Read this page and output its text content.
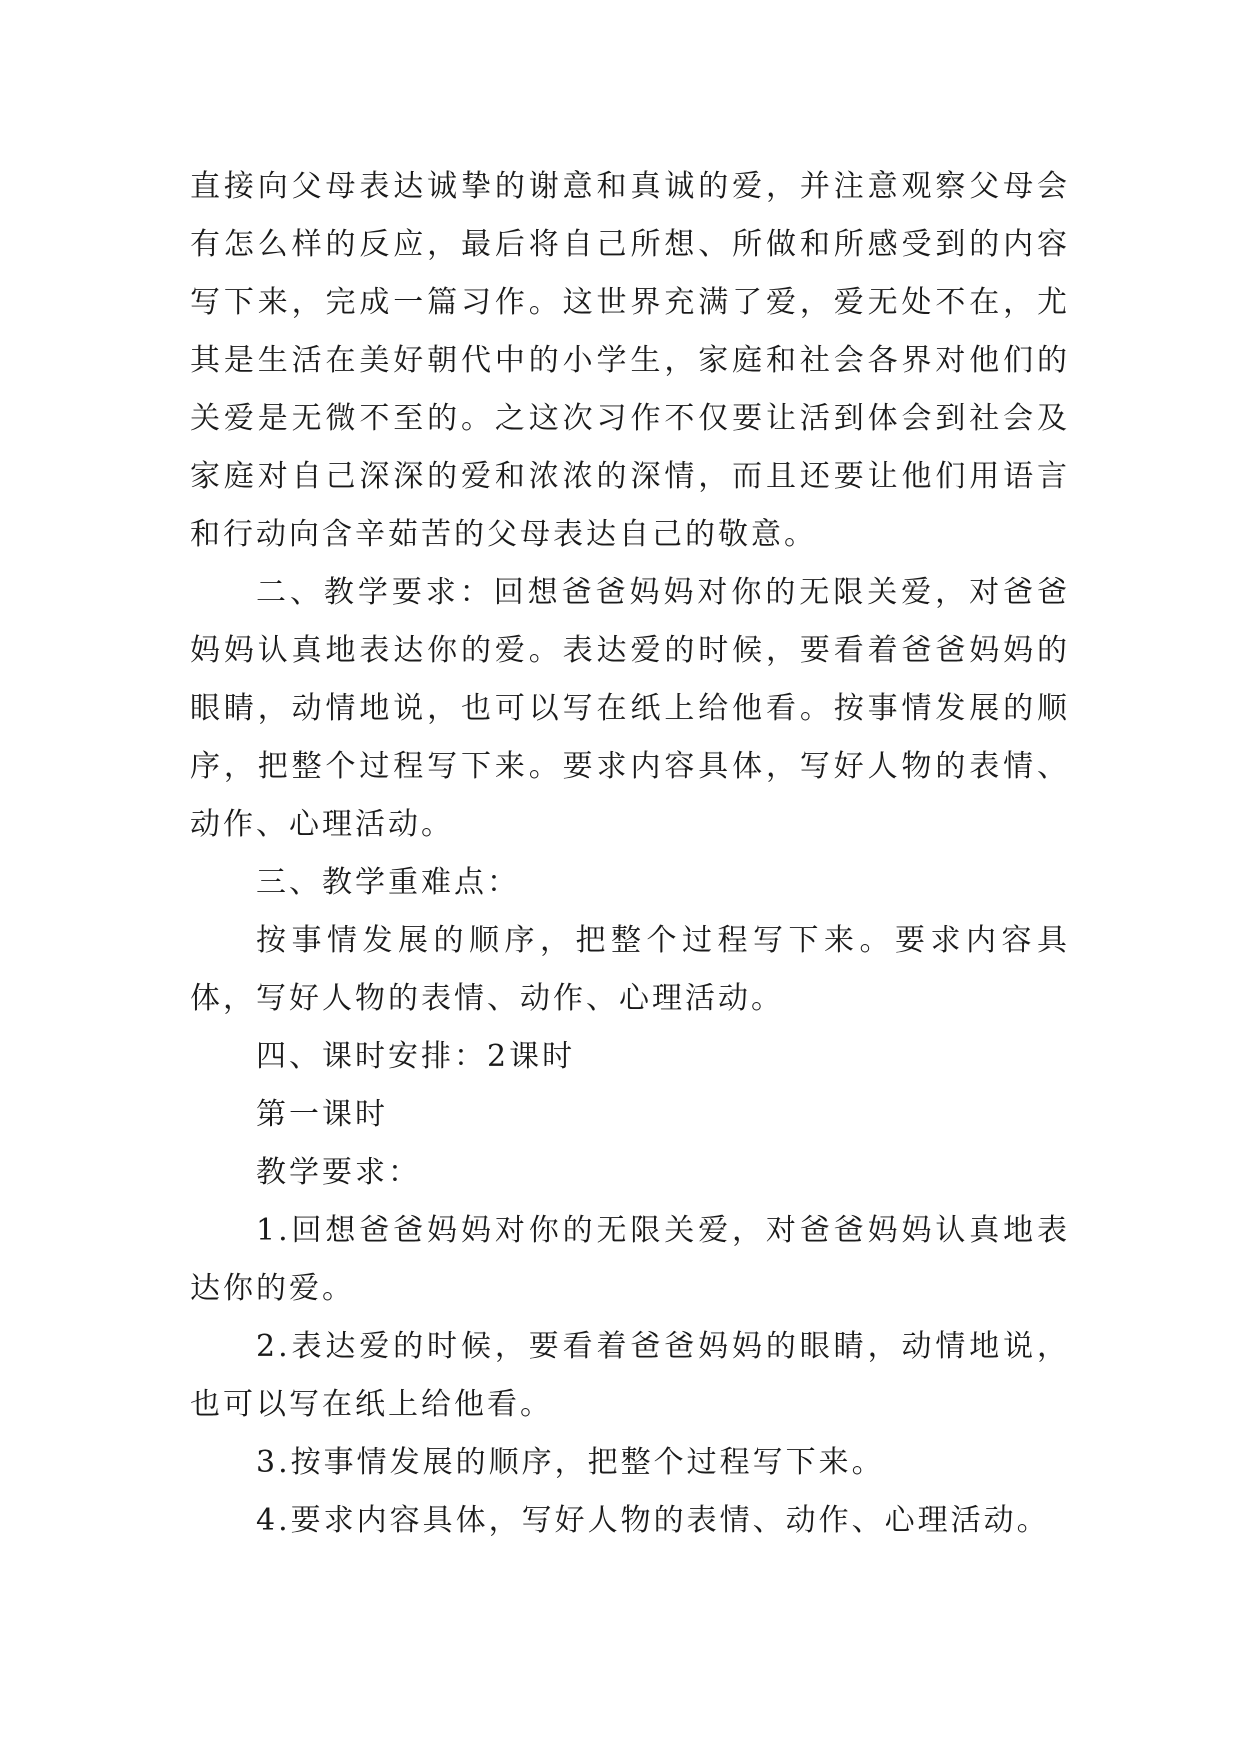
直接向父母表达诚挚的谢意和真诚的爱，并注意观察父母会有怎么样的反应，最后将自己所想、所做和所感受到的内容写下来，完成一篇习作。这世界充满了爱，爱无处不在，尤其是生活在美好朝代中的小学生，家庭和社会各界对他们的关爱是无微不至的。之这次习作不仅要让活到体会到社会及家庭对自己深深的爱和浓浓的深情，而且还要让他们用语言和行动向含辛茹苦的父母表达自己的敬意。

二、教学要求：回想爸爸妈妈对你的无限关爱，对爸爸妈妈认真地表达你的爱。表达爱的时候，要看着爸爸妈妈的眼睛，动情地说，也可以写在纸上给他看。按事情发展的顺序，把整个过程写下来。要求内容具体，写好人物的表情、动作、心理活动。

三、教学重难点：

按事情发展的顺序，把整个过程写下来。要求内容具体，写好人物的表情、动作、心理活动。

四、课时安排：2课时

第一课时

教学要求：

1.回想爸爸妈妈对你的无限关爱，对爸爸妈妈认真地表达你的爱。

2.表达爱的时候，要看着爸爸妈妈的眼睛，动情地说，也可以写在纸上给他看。

3.按事情发展的顺序，把整个过程写下来。

4.要求内容具体，写好人物的表情、动作、心理活动。
